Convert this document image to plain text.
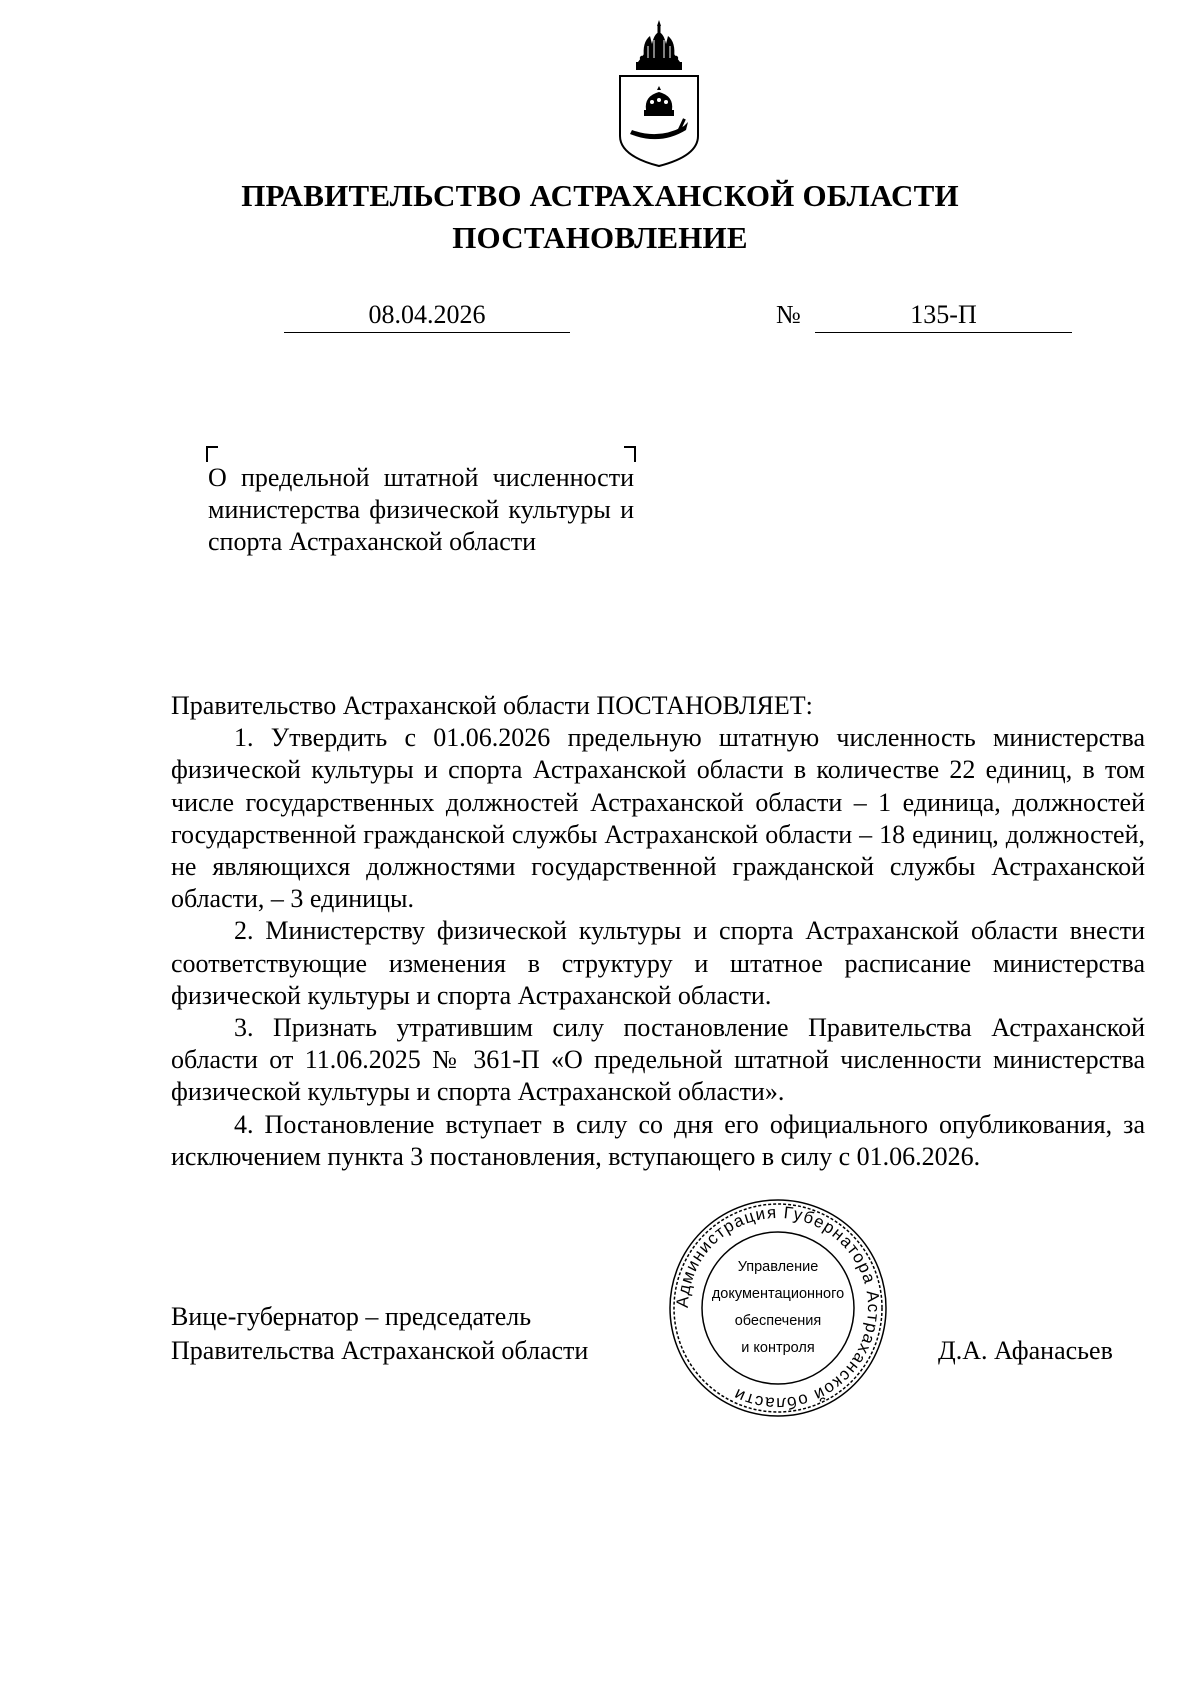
ПРАВИТЕЛЬСТВО АСТРАХАНСКОЙ ОБЛАСТИ
ПОСТАНОВЛЕНИЕ
08.04.2026	№	135-П

О предельной штатной численности министерства физической культуры и спорта Астраханской области

Правительство Астраханской области ПОСТАНОВЛЯЕТ:

1. Утвердить с 01.06.2026 предельную штатную численность министерства физической культуры и спорта Астраханской области в количестве 22 единиц, в том числе государственных должностей Астраханской области – 1 единица, должностей государственной гражданской службы Астраханской области – 18 единиц, должностей, не являющихся должностями государственной гражданской службы Астраханской области, – 3 единицы.

2. Министерству физической культуры и спорта Астраханской области внести соответствующие изменения в структуру и штатное расписание министерства физической культуры и спорта Астраханской области.

3. Признать утратившим силу постановление Правительства Астраханской области от 11.06.2025 № 361-П «О предельной штатной численности министерства физической культуры и спорта Астраханской области».

4. Постановление вступает в силу со дня его официального опубликования, за исключением пункта 3 постановления, вступающего в силу с 01.06.2026.

Вице-губернатор – председатель
Правительства Астраханской области	Д.А. Афанасьев
Администрация Губернатора Астраханской области
Управление
документационного
обеспечения
и контроля
